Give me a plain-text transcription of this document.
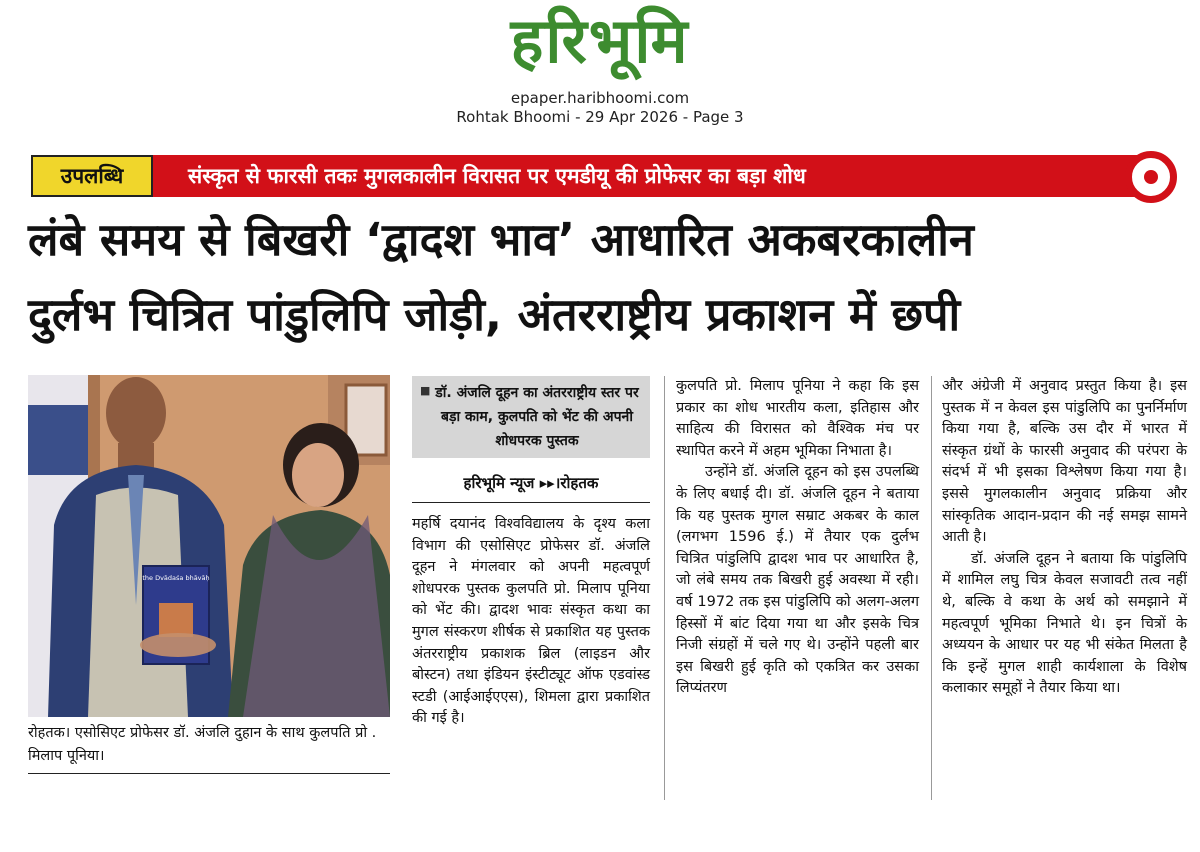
हरिभूमि
epaper.haribhoomi.com
Rohtak Bhoomi - 29 Apr 2026 - Page 3
संस्कृत से फारसी तकः मुगलकालीन विरासत पर एमडीयू की प्रोफेसर का बड़ा शोध
उपलब्धि
लंबे समय से बिखरी ‘द्वादश भाव’ आधारित अकबरकालीन
दुर्लभ चित्रित पांडुलिपि जोड़ी, अंतरराष्ट्रीय प्रकाशन में छपी
the Dvādaśa bhāvāḥ
रोहतक। एसोसिएट प्रोफेसर डॉ. अंजलि दुहान के साथ कुलपति प्रो . मिलाप पूनिया।
■ डॉ. अंजलि दूहन का अंतरराष्ट्रीय स्तर पर बड़ा काम, कुलपति को भेंट की अपनी शोधपरक पुस्तक
हरिभूमि न्यूज ▸▸।रोहतक

महर्षि दयानंद विश्वविद्यालय के दृश्य कला विभाग की एसोसिएट प्रोफेसर डॉ. अंजलि दूहन ने मंगलवार को अपनी महत्वपूर्ण शोधपरक पुस्तक कुलपति प्रो. मिलाप पूनिया को भेंट की। द्वादश भावः संस्कृत कथा का मुगल संस्करण शीर्षक से प्रकाशित यह पुस्तक अंतरराष्ट्रीय प्रकाशक ब्रिल (लाइडन और बोस्टन) तथा इंडियन इंस्टीट्यूट ऑफ एडवांस्ड स्टडी (आईआईएएस), शिमला द्वारा प्रकाशित की गई है।

कुलपति प्रो. मिलाप पूनिया ने कहा कि इस प्रकार का शोध भारतीय कला, इतिहास और साहित्य की विरासत को वैश्विक मंच पर स्थापित करने में अहम भूमिका निभाता है।

उन्होंने डॉ. अंजलि दूहन को इस उपलब्धि के लिए बधाई दी। डॉ. अंजलि दूहन ने बताया कि यह पुस्तक मुगल सम्राट अकबर के काल (लगभग 1596 ई.) में तैयार एक दुर्लभ चित्रित पांडुलिपि द्वादश भाव पर आधारित है, जो लंबे समय तक बिखरी हुई अवस्था में रही। वर्ष 1972 तक इस पांडुलिपि को अलग-अलग हिस्सों में बांट दिया गया था और इसके चित्र निजी संग्रहों में चले गए थे। उन्होंने पहली बार इस बिखरी हुई कृति को एकत्रित कर उसका लिप्यंतरण

और अंग्रेजी में अनुवाद प्रस्तुत किया है। इस पुस्तक में न केवल इस पांडुलिपि का पुनर्निर्माण किया गया है, बल्कि उस दौर में भारत में संस्कृत ग्रंथों के फारसी अनुवाद की परंपरा के संदर्भ में भी इसका विश्लेषण किया गया है। इससे मुगलकालीन अनुवाद प्रक्रिया और सांस्कृतिक आदान-प्रदान की नई समझ सामने आती है।

डॉ. अंजलि दूहन ने बताया कि पांडुलिपि में शामिल लघु चित्र केवल सजावटी तत्व नहीं थे, बल्कि वे कथा के अर्थ को समझाने में महत्वपूर्ण भूमिका निभाते थे। इन चित्रों के अध्ययन के आधार पर यह भी संकेत मिलता है कि इन्हें मुगल शाही कार्यशाला के विशेष कलाकार समूहों ने तैयार किया था।
